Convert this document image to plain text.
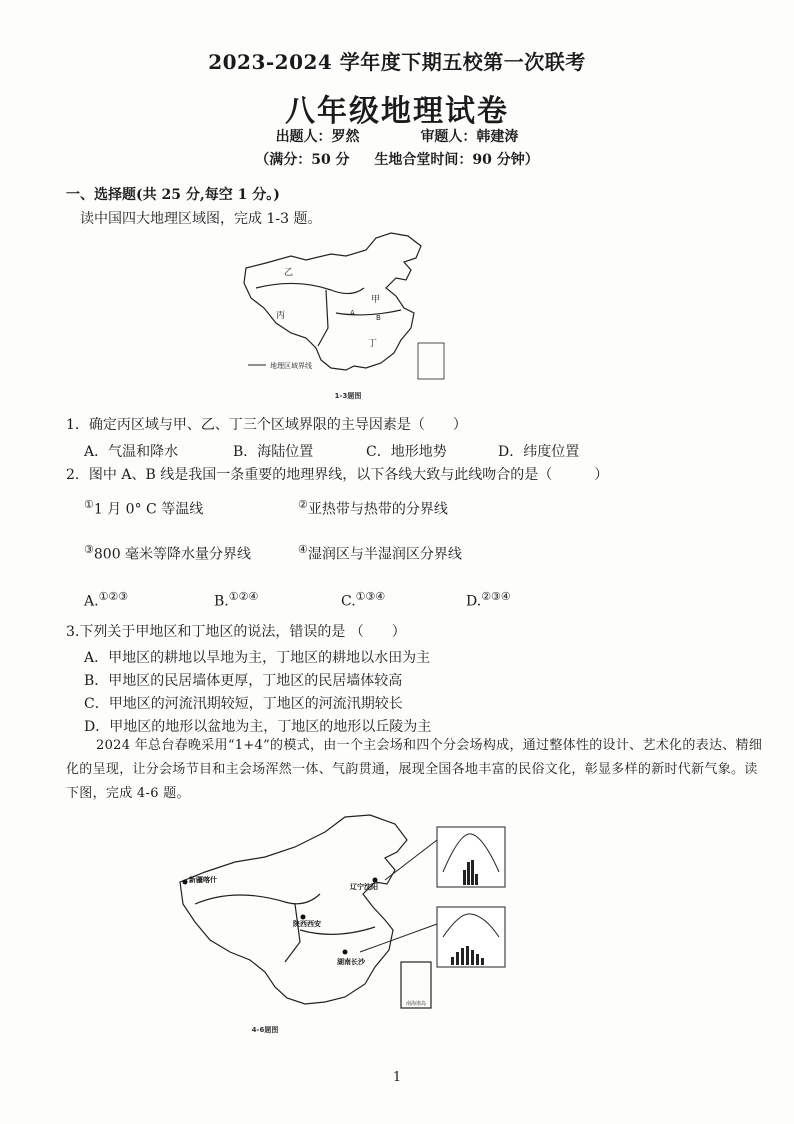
2023-2024 学年度下期五校第一次联考
八年级地理试卷
出题人：罗然	审题人：韩建涛
（满分：50 分 生地合堂时间：90 分钟）
一、选择题(共 25 分,每空 1 分。)
读中国四大地理区域图，完成 1-3 题。
乙
甲
丙
丁
A
B
地理区域界线
1-3题图
1．确定丙区域与甲、乙、丁三个区域界限的主导因素是（　　）
A．气温和降水	B．海陆位置	C．地形地势	D．纬度位置
2．图中 A、B 线是我国一条重要的地理界线，以下各线大致与此线吻合的是（　　　）
①1 月 0° C 等温线	②亚热带与热带的分界线
③800 毫米等降水量分界线	④湿润区与半湿润区分界线
A.①②③	B.①②④	C.①③④	D.②③④
3.下列关于甲地区和丁地区的说法，错误的是 （　　）
A．甲地区的耕地以旱地为主，丁地区的耕地以水田为主
B．甲地区的民居墙体更厚，丁地区的民居墙体较高
C．甲地区的河流汛期较短，丁地区的河流汛期较长
D．甲地区的地形以盆地为主，丁地区的地形以丘陵为主
2024 年总台春晚采用“1+4”的模式，由一个主会场和四个分会场构成，通过整体性的设计、艺术化的表达、精细化的呈现，让分会场节目和主会场浑然一体、气韵贯通，展现全国各地丰富的民俗文化，彰显多样的新时代新气象。读下图，完成 4-6 题。
新疆喀什
辽宁沈阳
陕西西安
湖南长沙
南海诸岛
4-6题图
1
